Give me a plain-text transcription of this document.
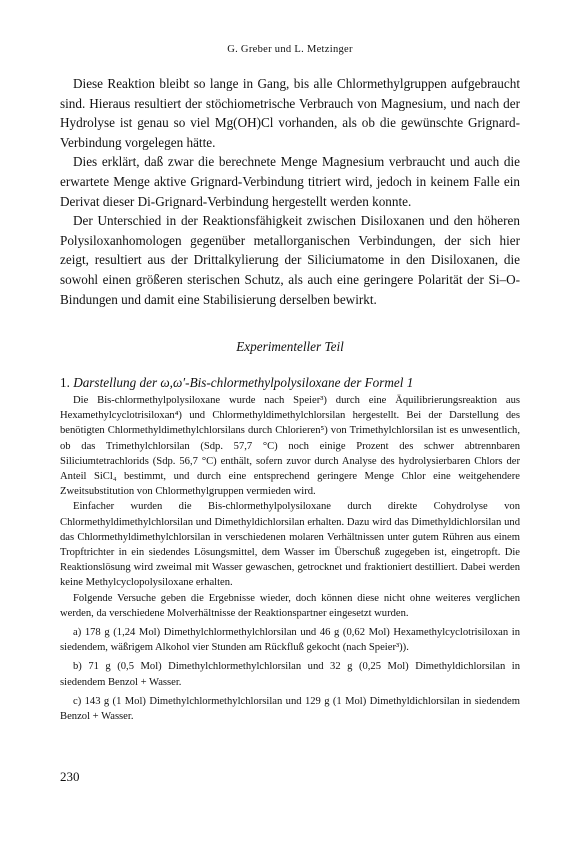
G. Greber und L. Metzinger

Diese Reaktion bleibt so lange in Gang, bis alle Chlormethylgruppen aufgebraucht sind. Hieraus resultiert der stöchiometrische Verbrauch von Magnesium, und nach der Hydrolyse ist genau so viel Mg(OH)Cl vorhanden, als ob die gewünschte Grignard-Verbindung vorgelegen hätte.

Dies erklärt, daß zwar die berechnete Menge Magnesium verbraucht und auch die erwartete Menge aktive Grignard-Verbindung titriert wird, jedoch in keinem Falle ein Derivat dieser Di-Grignard-Verbindung hergestellt werden konnte.

Der Unterschied in der Reaktionsfähigkeit zwischen Disiloxanen und den höheren Polysiloxanhomologen gegenüber metallorganischen Verbindungen, der sich hier zeigt, resultiert aus der Drittalkylierung der Siliciumatome in den Disiloxanen, die sowohl einen größeren sterischen Schutz, als auch eine geringere Polarität der Si–O-Bindungen und damit eine Stabilisierung derselben bewirkt.

Experimenteller Teil
1. Darstellung der ω,ω′-Bis-chlormethylpolysiloxane der Formel 1

Die Bis-chlormethylpolysiloxane wurde nach Speier³) durch eine Äquilibrierungsreaktion aus Hexamethylcyclotrisiloxan⁴) und Chlormethyldimethylchlorsilan hergestellt. Bei der Darstellung des benötigten Chlormethyldimethylchlorsilans durch Chlorieren⁵) von Trimethylchlorsilan ist es unwesentlich, ob das Trimethylchlorsilan (Sdp. 57,7 °C) noch einige Prozent des schwer abtrennbaren Siliciumtetrachlorids (Sdp. 56,7 °C) enthält, sofern zuvor durch Analyse des hydrolysierbaren Chlors der Anteil SiCl₄ bestimmt, und durch eine entsprechend geringere Menge Chlor eine weitgehendere Zweitsubstitution von Chlormethylgruppen vermieden wird.

Einfacher wurden die Bis-chlormethylpolysiloxane durch direkte Cohydrolyse von Chlormethyldimethylchlorsilan und Dimethyldichlorsilan erhalten. Dazu wird das Dimethyldichlorsilan und das Chlormethyldimethylchlorsilan in verschiedenen molaren Verhältnissen unter gutem Rühren aus einem Tropftrichter in ein siedendes Lösungsmittel, dem Wasser im Überschuß zugegeben ist, eingetropft. Die Reaktionslösung wird zweimal mit Wasser gewaschen, getrocknet und fraktioniert destilliert. Dabei werden keine Methylcyclopolysiloxane erhalten.

Folgende Versuche geben die Ergebnisse wieder, doch können diese nicht ohne weiteres verglichen werden, da verschiedene Molverhältnisse der Reaktionspartner eingesetzt wurden.

a) 178 g (1,24 Mol) Dimethylchlormethylchlorsilan und 46 g (0,62 Mol) Hexamethylcyclotrisiloxan in siedendem, wäßrigem Alkohol vier Stunden am Rückfluß gekocht (nach Speier³)).

b) 71 g (0,5 Mol) Dimethylchlormethylchlorsilan und 32 g (0,25 Mol) Dimethyldichlorsilan in siedendem Benzol + Wasser.

c) 143 g (1 Mol) Dimethylchlormethylchlorsilan und 129 g (1 Mol) Dimethyldichlorsilan in siedendem Benzol + Wasser.

230
